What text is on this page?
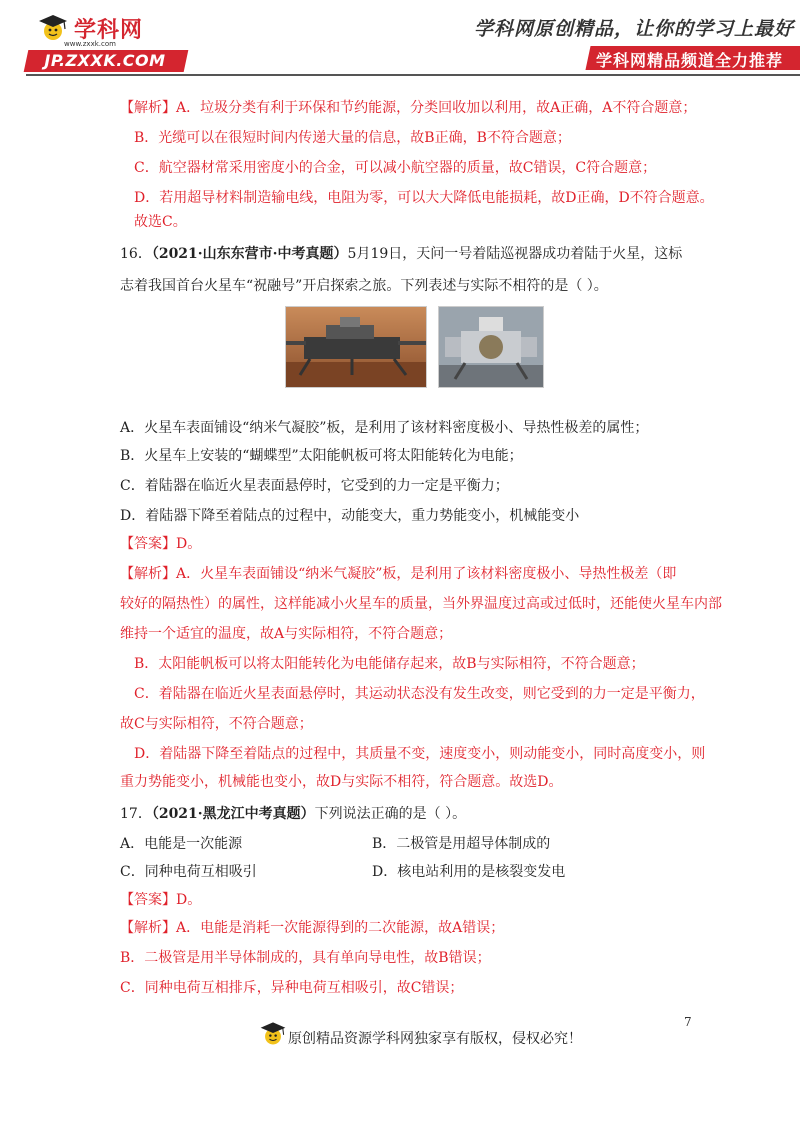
学科网
www.zxxk.com
JP.ZXXK.COM
学科网原创精品，让你的学习上最好
学科网精品频道全力推荐
【解析】A．垃圾分类有利于环保和节约能源，分类回收加以利用，故A正确，A不符合题意；
B．光缆可以在很短时间内传递大量的信息，故B正确，B不符合题意；
C．航空器材常采用密度小的合金，可以减小航空器的质量，故C错误，C符合题意；
D．若用超导材料制造输电线，电阻为零，可以大大降低电能损耗，故D正确，D不符合题意。
故选C。
16．（2021·山东东营市·中考真题）5月19日，天问一号着陆巡视器成功着陆于火星，这标
志着我国首台火星车“祝融号”开启探索之旅。下列表述与实际不相符的是（ ）。
A．火星车表面铺设“纳米气凝胶”板，是利用了该材料密度极小、导热性极差的属性；
B．火星车上安装的“蝴蝶型”太阳能帆板可将太阳能转化为电能；
C．着陆器在临近火星表面悬停时，它受到的力一定是平衡力；
D．着陆器下降至着陆点的过程中，动能变大，重力势能变小，机械能变小
【答案】D。
【解析】A．火星车表面铺设“纳米气凝胶”板，是利用了该材料密度极小、导热性极差（即
较好的隔热性）的属性，这样能减小火星车的质量，当外界温度过高或过低时，还能使火星车内部
维持一个适宜的温度，故A与实际相符，不符合题意；
B．太阳能帆板可以将太阳能转化为电能储存起来，故B与实际相符，不符合题意；
C．着陆器在临近火星表面悬停时，其运动状态没有发生改变，则它受到的力一定是平衡力，
故C与实际相符，不符合题意；
D．着陆器下降至着陆点的过程中，其质量不变，速度变小，则动能变小，同时高度变小，则
重力势能变小，机械能也变小，故D与实际不相符，符合题意。故选D。
17．（2021·黑龙江中考真题）下列说法正确的是（ ）。
A．电能是一次能源	B．二极管是用超导体制成的
C．同种电荷互相吸引	D．核电站利用的是核裂变发电
【答案】D。
【解析】A．电能是消耗一次能源得到的二次能源，故A错误；
B．二极管是用半导体制成的，具有单向导电性，故B错误；
C．同种电荷互相排斥，异种电荷互相吸引，故C错误；
7
原创精品资源学科网独家享有版权，侵权必究！
